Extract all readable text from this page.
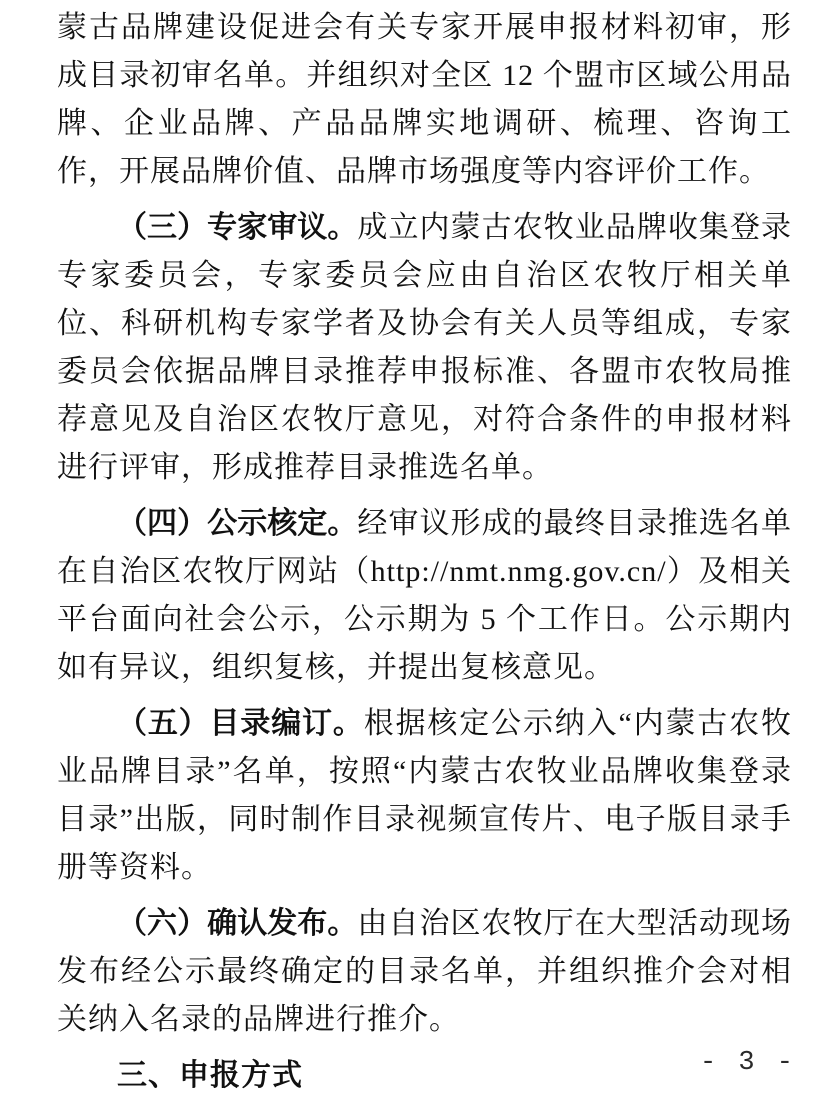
蒙古品牌建设促进会有关专家开展申报材料初审，形成目录初审名单。并组织对全区 12 个盟市区域公用品牌、企业品牌、产品品牌实地调研、梳理、咨询工作，开展品牌价值、品牌市场强度等内容评价工作。

（三）专家审议。成立内蒙古农牧业品牌收集登录专家委员会，专家委员会应由自治区农牧厅相关单位、科研机构专家学者及协会有关人员等组成，专家委员会依据品牌目录推荐申报标准、各盟市农牧局推荐意见及自治区农牧厅意见，对符合条件的申报材料进行评审，形成推荐目录推选名单。

（四）公示核定。经审议形成的最终目录推选名单在自治区农牧厅网站（http://nmt.nmg.gov.cn/）及相关平台面向社会公示，公示期为 5 个工作日。公示期内如有异议，组织复核，并提出复核意见。

（五）目录编订。根据核定公示纳入“内蒙古农牧业品牌目录”名单，按照“内蒙古农牧业品牌收集登录目录”出版，同时制作目录视频宣传片、电子版目录手册等资料。

（六）确认发布。由自治区农牧厅在大型活动现场发布经公示最终确定的目录名单，并组织推介会对相关纳入名录的品牌进行推介。

三、申报方式	- 3 -
